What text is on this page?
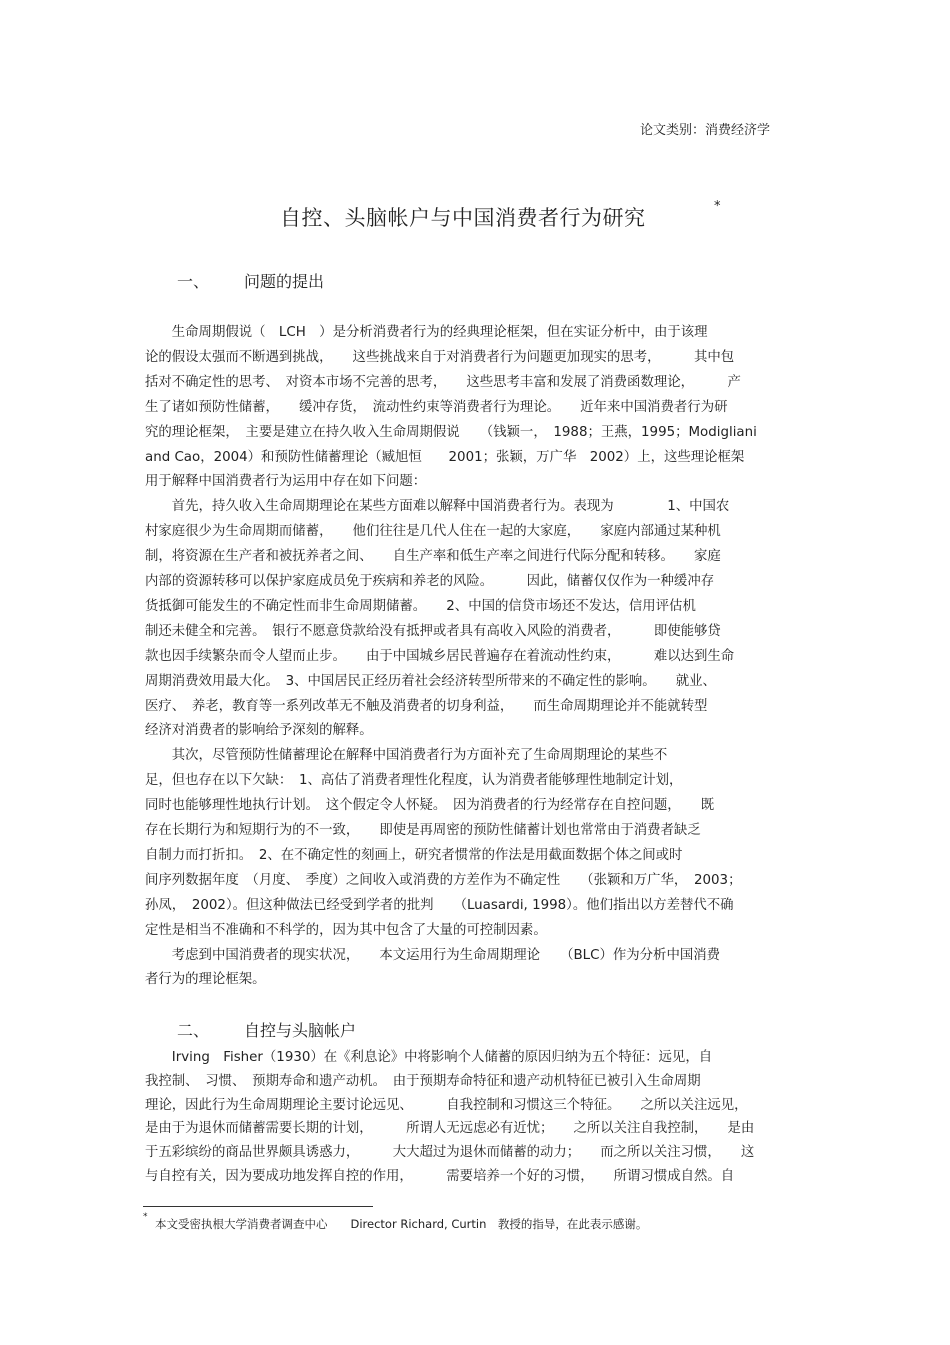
论文类别：消费经济学
自控、头脑帐户与中国消费者行为研究	*
一、 问题的提出
　　生命周期假说（　LCH　）是分析消费者行为的经典理论框架，但在实证分析中，由于该理
论的假设太强而不断遇到挑战，　　这些挑战来自于对消费者行为问题更加现实的思考，　　　其中包
括对不确定性的思考、　对资本市场不完善的思考，　　这些思考丰富和发展了消费函数理论，　　　产
生了诸如预防性储蓄，　　缓冲存货，　流动性约束等消费者行为理论。　　近年来中国消费者行为研
究的理论框架，　主要是建立在持久收入生命周期假说　　（钱颖一，　1988；王燕，1995；Modigliani
and Cao，2004）和预防性储蓄理论（臧旭恒　　2001；张颖，万广华　2002）上，这些理论框架
用于解释中国消费者行为运用中存在如下问题：
　　首先，持久收入生命周期理论在某些方面难以解释中国消费者行为。表现为　　　　1、中国农
村家庭很少为生命周期而储蓄，　　他们往往是几代人住在一起的大家庭，　　家庭内部通过某种机
制，将资源在生产者和被抚养者之间、　　自生产率和低生产率之间进行代际分配和转移。　　家庭
内部的资源转移可以保护家庭成员免于疾病和养老的风险。　　　因此，储蓄仅仅作为一种缓冲存
货抵御可能发生的不确定性而非生命周期储蓄。　　2、中国的信贷市场还不发达，信用评估机
制还未健全和完善。　银行不愿意贷款给没有抵押或者具有高收入风险的消费者，　　　即使能够贷
款也因手续繁杂而令人望而止步。　　由于中国城乡居民普遍存在着流动性约束，　　　难以达到生命
周期消费效用最大化。　3、中国居民正经历着社会经济转型所带来的不确定性的影响。　　就业、
医疗、　养老，教育等一系列改革无不触及消费者的切身利益，　　而生命周期理论并不能就转型
经济对消费者的影响给予深刻的解释。
　　其次，尽管预防性储蓄理论在解释中国消费者行为方面补充了生命周期理论的某些不
足，但也存在以下欠缺：　1、高估了消费者理性化程度，认为消费者能够理性地制定计划，
同时也能够理性地执行计划。　这个假定令人怀疑。　因为消费者的行为经常存在自控问题，　　既
存在长期行为和短期行为的不一致，　　即使是再周密的预防性储蓄计划也常常由于消费者缺乏
自制力而打折扣。　2、在不确定性的刻画上，研究者惯常的作法是用截面数据个体之间或时
间序列数据年度　（月度、　季度）之间收入或消费的方差作为不确定性　　（张颖和万广华，　2003；
孙凤，　2002）。但这种做法已经受到学者的批判　　（Luasardi, 1998）。他们指出以方差替代不确
定性是相当不准确和不科学的，因为其中包含了大量的可控制因素。
　　考虑到中国消费者的现实状况，　　本文运用行为生命周期理论　　（BLC）作为分析中国消费
者行为的理论框架。
二、 自控与头脑帐户
　　Irving　Fisher（1930）在《利息论》中将影响个人储蓄的原因归纳为五个特征：远见，自
我控制、　习惯、　预期寿命和遗产动机。　由于预期寿命特征和遗产动机特征已被引入生命周期
理论，因此行为生命周期理论主要讨论远见、　　　自我控制和习惯这三个特征。　　之所以关注远见，
是由于为退休而储蓄需要长期的计划，　　　所谓人无远虑必有近忧；　　之所以关注自我控制，　　是由
于五彩缤纷的商品世界颇具诱惑力，　　　大大超过为退休而储蓄的动力；　　而之所以关注习惯，　　这
与自控有关，因为要成功地发挥自控的作用，　　　需要培养一个好的习惯，　　所谓习惯成自然。自
* 本文受密执根大学消费者调查中心　　Director Richard, Curtin　教授的指导，在此表示感谢。
